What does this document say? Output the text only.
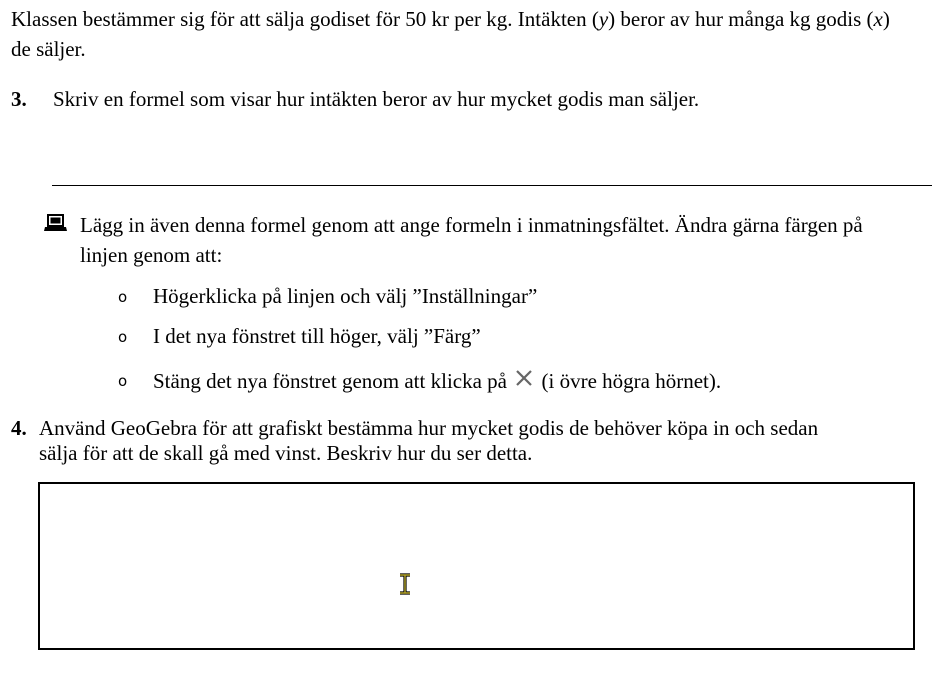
Klassen bestämmer sig för att sälja godiset för 50 kr per kg. Intäkten (y) beror av hur många kg godis (x)
de säljer.
3. Skriv en formel som visar hur intäkten beror av hur mycket godis man säljer.
Lägg in även denna formel genom att ange formeln i inmatningsfältet. Ändra gärna färgen på
linjen genom att:
o Högerklicka på linjen och välj ”Inställningar”
o I det nya fönstret till höger, välj ”Färg”
o Stäng det nya fönstret genom att klicka på (i övre högra hörnet).
4. Använd GeoGebra för att grafiskt bestämma hur mycket godis de behöver köpa in och sedan
sälja för att de skall gå med vinst. Beskriv hur du ser detta.
